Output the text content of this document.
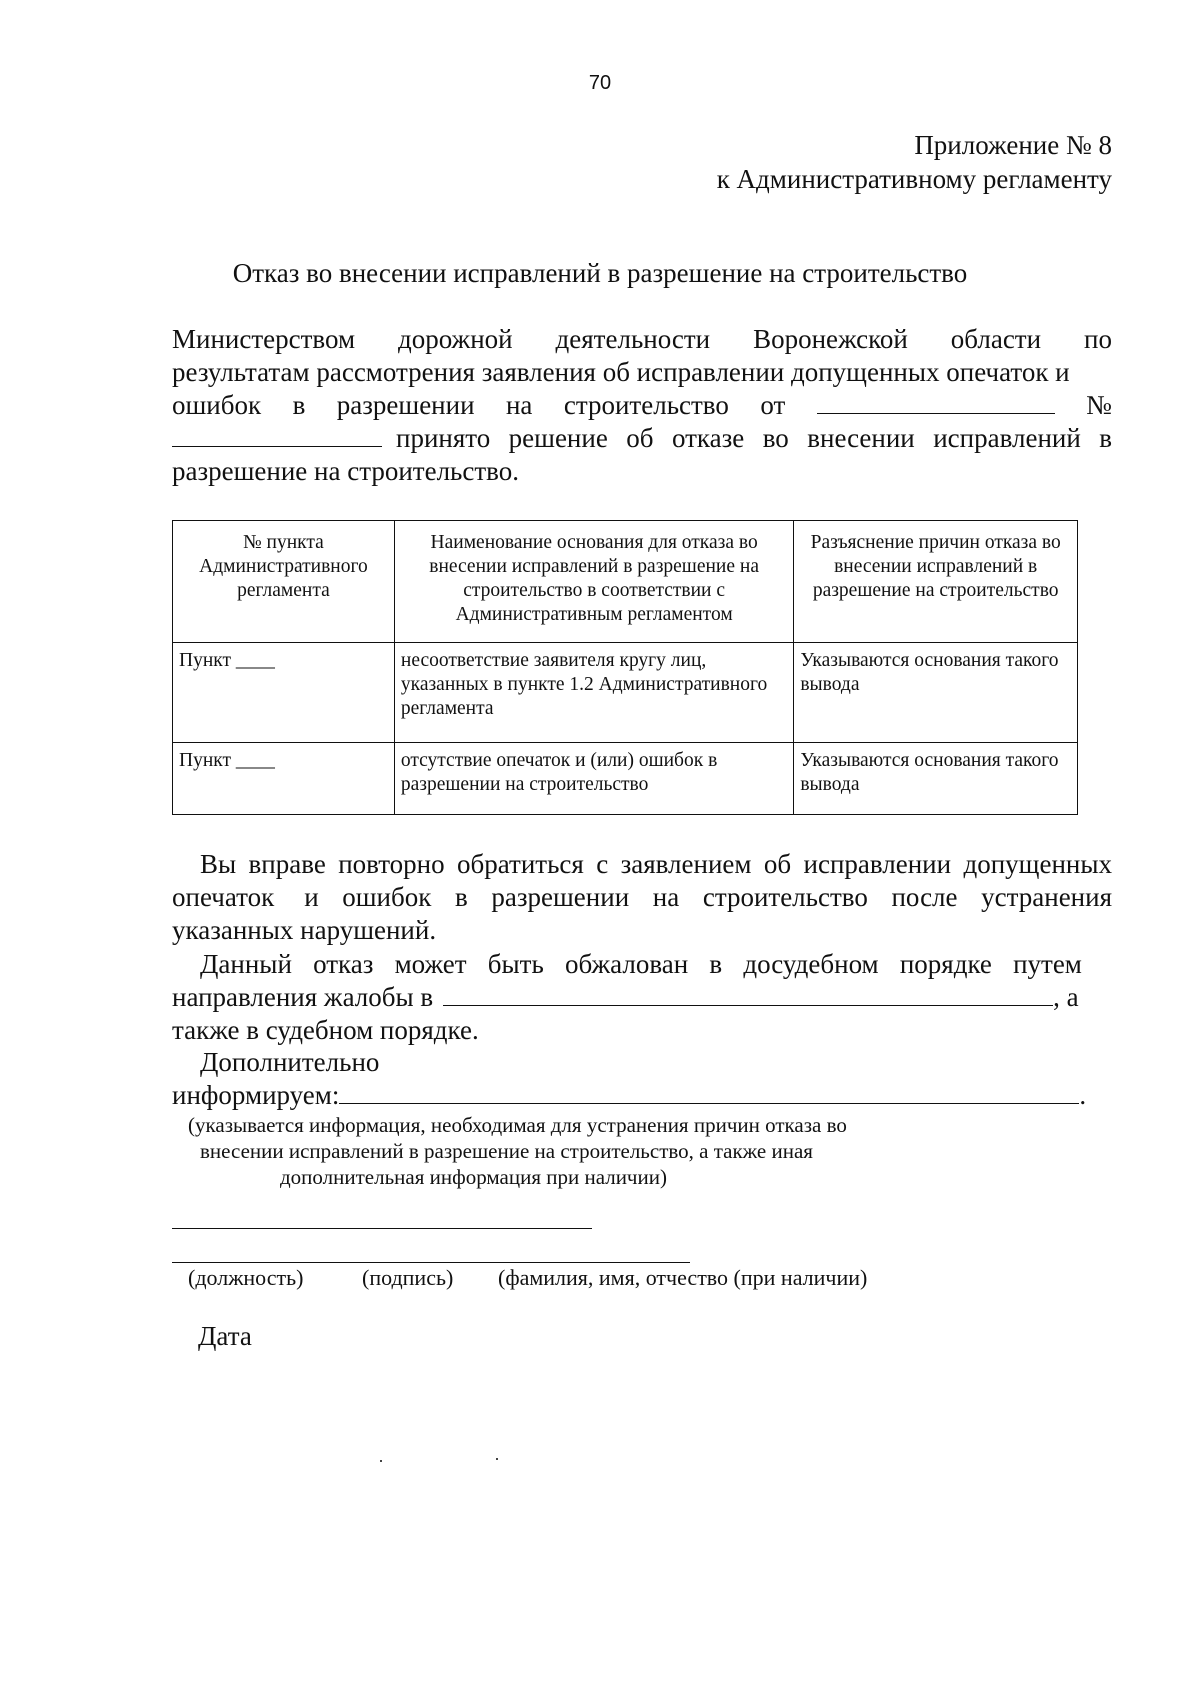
70
Приложение № 8
к Административному регламенту
Отказ во внесении исправлений в разрешение на строительство
Министерством дорожной деятельности Воронежской области по
результатам рассмотрения заявления об исправлении допущенных опечаток и
ошибок в разрешении на строительство от	№
принято решение об отказе во внесении исправлений в
разрешение на строительство.
№ пункта Административного регламента	Наименование основания для отказа во внесении исправлений в разрешение на строительство в соответствии с Административным регламентом	Разъяснение причин отказа во внесении исправлений в разрешение на строительство
Пункт ____	несоответствие заявителя кругу лиц, указанных в пункте 1.2 Административного регламента	Указываются основания такого вывода
Пункт ____	отсутствие опечаток и (или) ошибок в разрешении на строительство	Указываются основания такого вывода
Вы вправе повторно обратиться с заявлением об исправлении допущенных
опечаток и ошибок в разрешении на строительство после устранения
указанных нарушений.
Данный отказ может быть обжалован в досудебном порядке путем
направления жалобы в	, а
также в судебном порядке.
Дополнительно
информируем:	.
(указывается информация, необходимая для устранения причин отказа во
внесении исправлений в разрешение на строительство, а также иная
дополнительная информация при наличии)
(должность)	(подпись) (фамилия, имя, отчество (при наличии)
Дата
